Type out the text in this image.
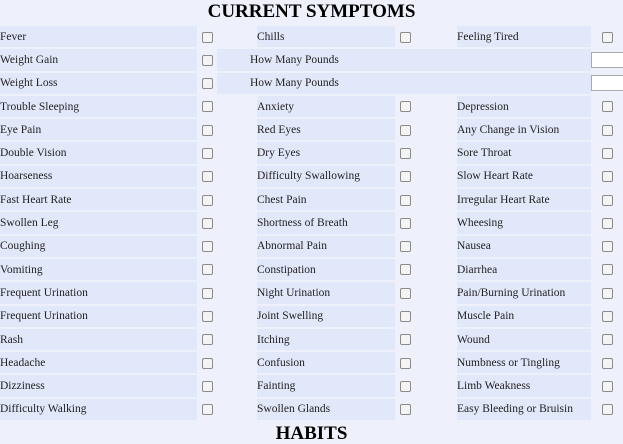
CURRENT SYMPTOMS
Fever			Chills			Feeling Tired	
Weight Gain		How Many Pounds	
Weight Loss		How Many Pounds	
Trouble Sleeping			Anxiety			Depression	
Eye Pain			Red Eyes			Any Change in Vision	
Double Vision			Dry Eyes			Sore Throat	
Hoarseness			Difficulty Swallowing			Slow Heart Rate	
Fast Heart Rate			Chest Pain			Irregular Heart Rate	
Swollen Leg			Shortness of Breath			Wheesing	
Coughing			Abnormal Pain			Nausea	
Vomiting			Constipation			Diarrhea	
Frequent Urination			Night Urination			Pain/Burning Urination	
Frequent Urination			Joint Swelling			Muscle Pain	
Rash			Itching			Wound	
Headache			Confusion			Numbness or Tingling	
Dizziness			Fainting			Limb Weakness	
Difficulty Walking			Swollen Glands			Easy Bleeding or Bruisin	
HABITS
